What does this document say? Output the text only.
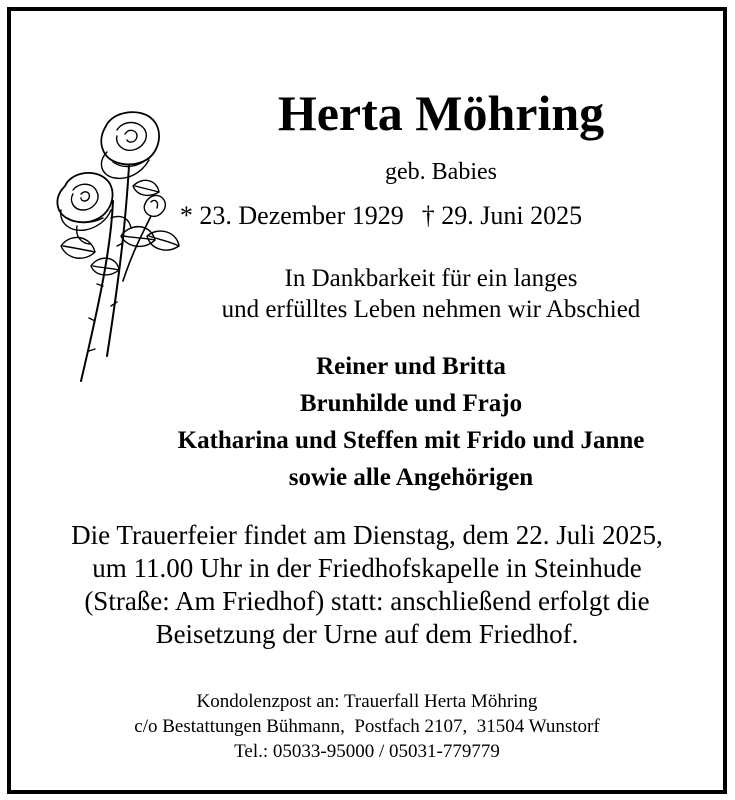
Herta Möhring
geb. Babies
* 23. Dezember 1929 † 29. Juni 2025
In Dankbarkeit für ein langes
und erfülltes Leben nehmen wir Abschied
Reiner und Britta
Brunhilde und Frajo
Katharina und Steffen mit Frido und Janne
sowie alle Angehörigen
Die Trauerfeier findet am Dienstag, dem 22. Juli 2025,
um 11.00 Uhr in der Friedhofskapelle in Steinhude
(Straße: Am Friedhof) statt: anschließend erfolgt die
Beisetzung der Urne auf dem Friedhof.
Kondolenzpost an: Trauerfall Herta Möhring
c/o Bestattungen Bühmann,  Postfach 2107,  31504 Wunstorf
Tel.: 05033-95000 / 05031-779779
